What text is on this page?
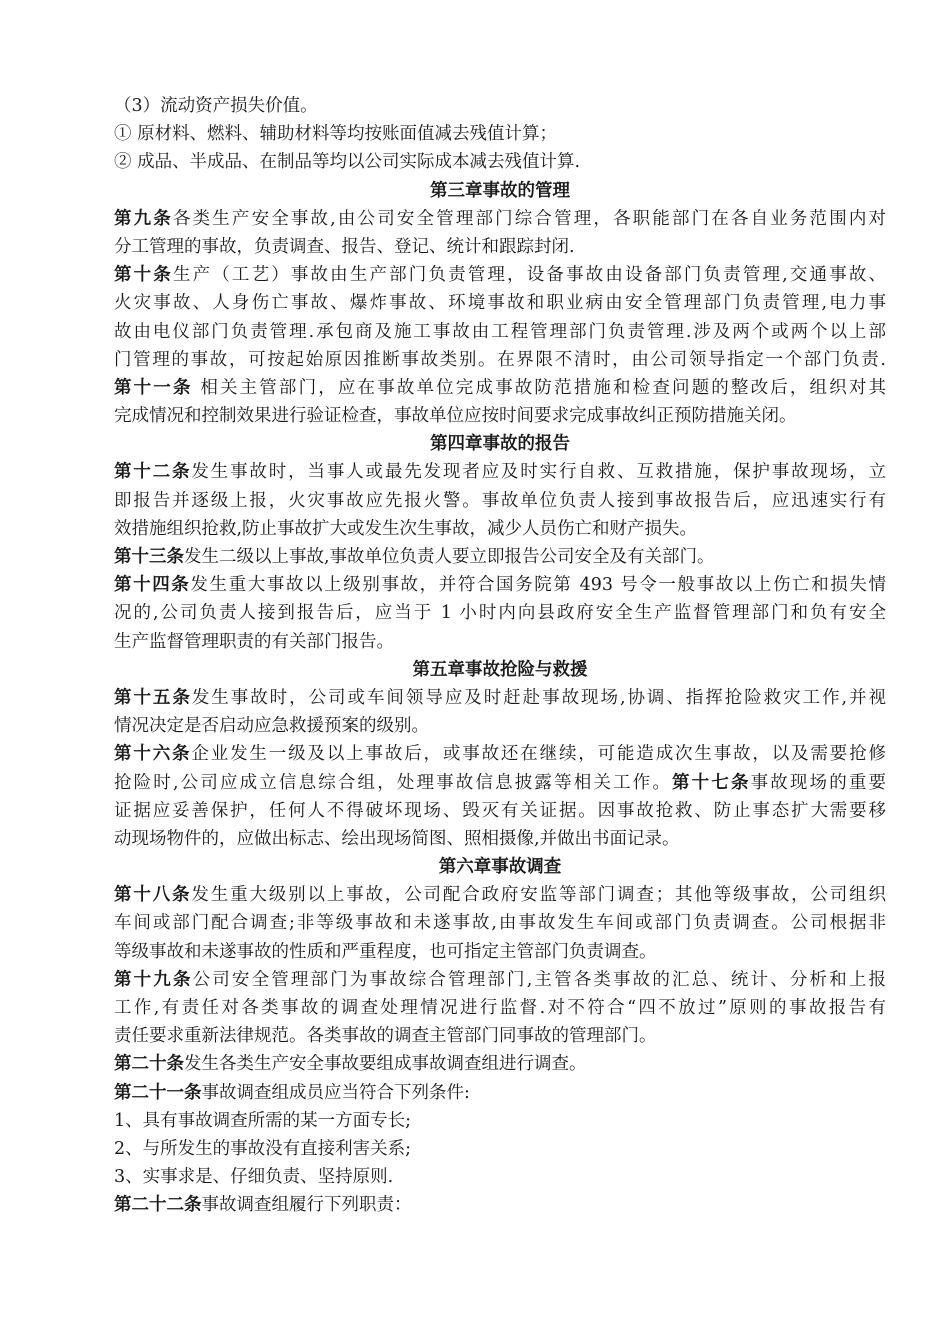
（3）流动资产损失价值。
① 原材料、燃料、辅助材料等均按账面值减去残值计算；
② 成品、半成品、在制品等均以公司实际成本减去残值计算.
第三章事故的管理
第九条各类生产安全事故,由公司安全管理部门综合管理，各职能部门在各自业务范围内对
分工管理的事故，负责调查、报告、登记、统计和跟踪封闭.
第十条生产（工艺）事故由生产部门负责管理，设备事故由设备部门负责管理,交通事故、
火灾事故、人身伤亡事故、爆炸事故、环境事故和职业病由安全管理部门负责管理,电力事
故由电仪部门负责管理.承包商及施工事故由工程管理部门负责管理.涉及两个或两个以上部
门管理的事故，可按起始原因推断事故类别。在界限不清时，由公司领导指定一个部门负责.
第十一条 相关主管部门，应在事故单位完成事故防范措施和检查问题的整改后，组织对其
完成情况和控制效果进行验证检查，事故单位应按时间要求完成事故纠正预防措施关闭。
第四章事故的报告
第十二条发生事故时，当事人或最先发现者应及时实行自救、互救措施，保护事故现场，立
即报告并逐级上报，火灾事故应先报火警。事故单位负责人接到事故报告后，应迅速实行有
效措施组织抢救,防止事故扩大或发生次生事故，减少人员伤亡和财产损失。
第十三条发生二级以上事故,事故单位负责人要立即报告公司安全及有关部门。
第十四条发生重大事故以上级别事故，并符合国务院第 493 号令一般事故以上伤亡和损失情
况的,公司负责人接到报告后，应当于 1 小时内向县政府安全生产监督管理部门和负有安全
生产监督管理职责的有关部门报告。
第五章事故抢险与救援
第十五条发生事故时，公司或车间领导应及时赶赴事故现场,协调、指挥抢险救灾工作,并视
情况决定是否启动应急救援预案的级别。
第十六条企业发生一级及以上事故后，或事故还在继续，可能造成次生事故，以及需要抢修
抢险时,公司应成立信息综合组，处理事故信息披露等相关工作。第十七条事故现场的重要
证据应妥善保护，任何人不得破坏现场、毁灭有关证据。因事故抢救、防止事态扩大需要移
动现场物件的，应做出标志、绘出现场简图、照相摄像,并做出书面记录。
第六章事故调查
第十八条发生重大级别以上事故，公司配合政府安监等部门调查；其他等级事故，公司组织
车间或部门配合调查;非等级事故和未遂事故,由事故发生车间或部门负责调查。公司根据非
等级事故和未遂事故的性质和严重程度，也可指定主管部门负责调查。
第十九条公司安全管理部门为事故综合管理部门,主管各类事故的汇总、统计、分析和上报
工作,有责任对各类事故的调查处理情况进行监督.对不符合“四不放过”原则的事故报告有
责任要求重新法律规范。各类事故的调查主管部门同事故的管理部门。
第二十条发生各类生产安全事故要组成事故调查组进行调查。
第二十一条事故调查组成员应当符合下列条件:
1、具有事故调查所需的某一方面专长;
2、与所发生的事故没有直接利害关系;
3、实事求是、仔细负责、坚持原则.
第二十二条事故调查组履行下列职责：
